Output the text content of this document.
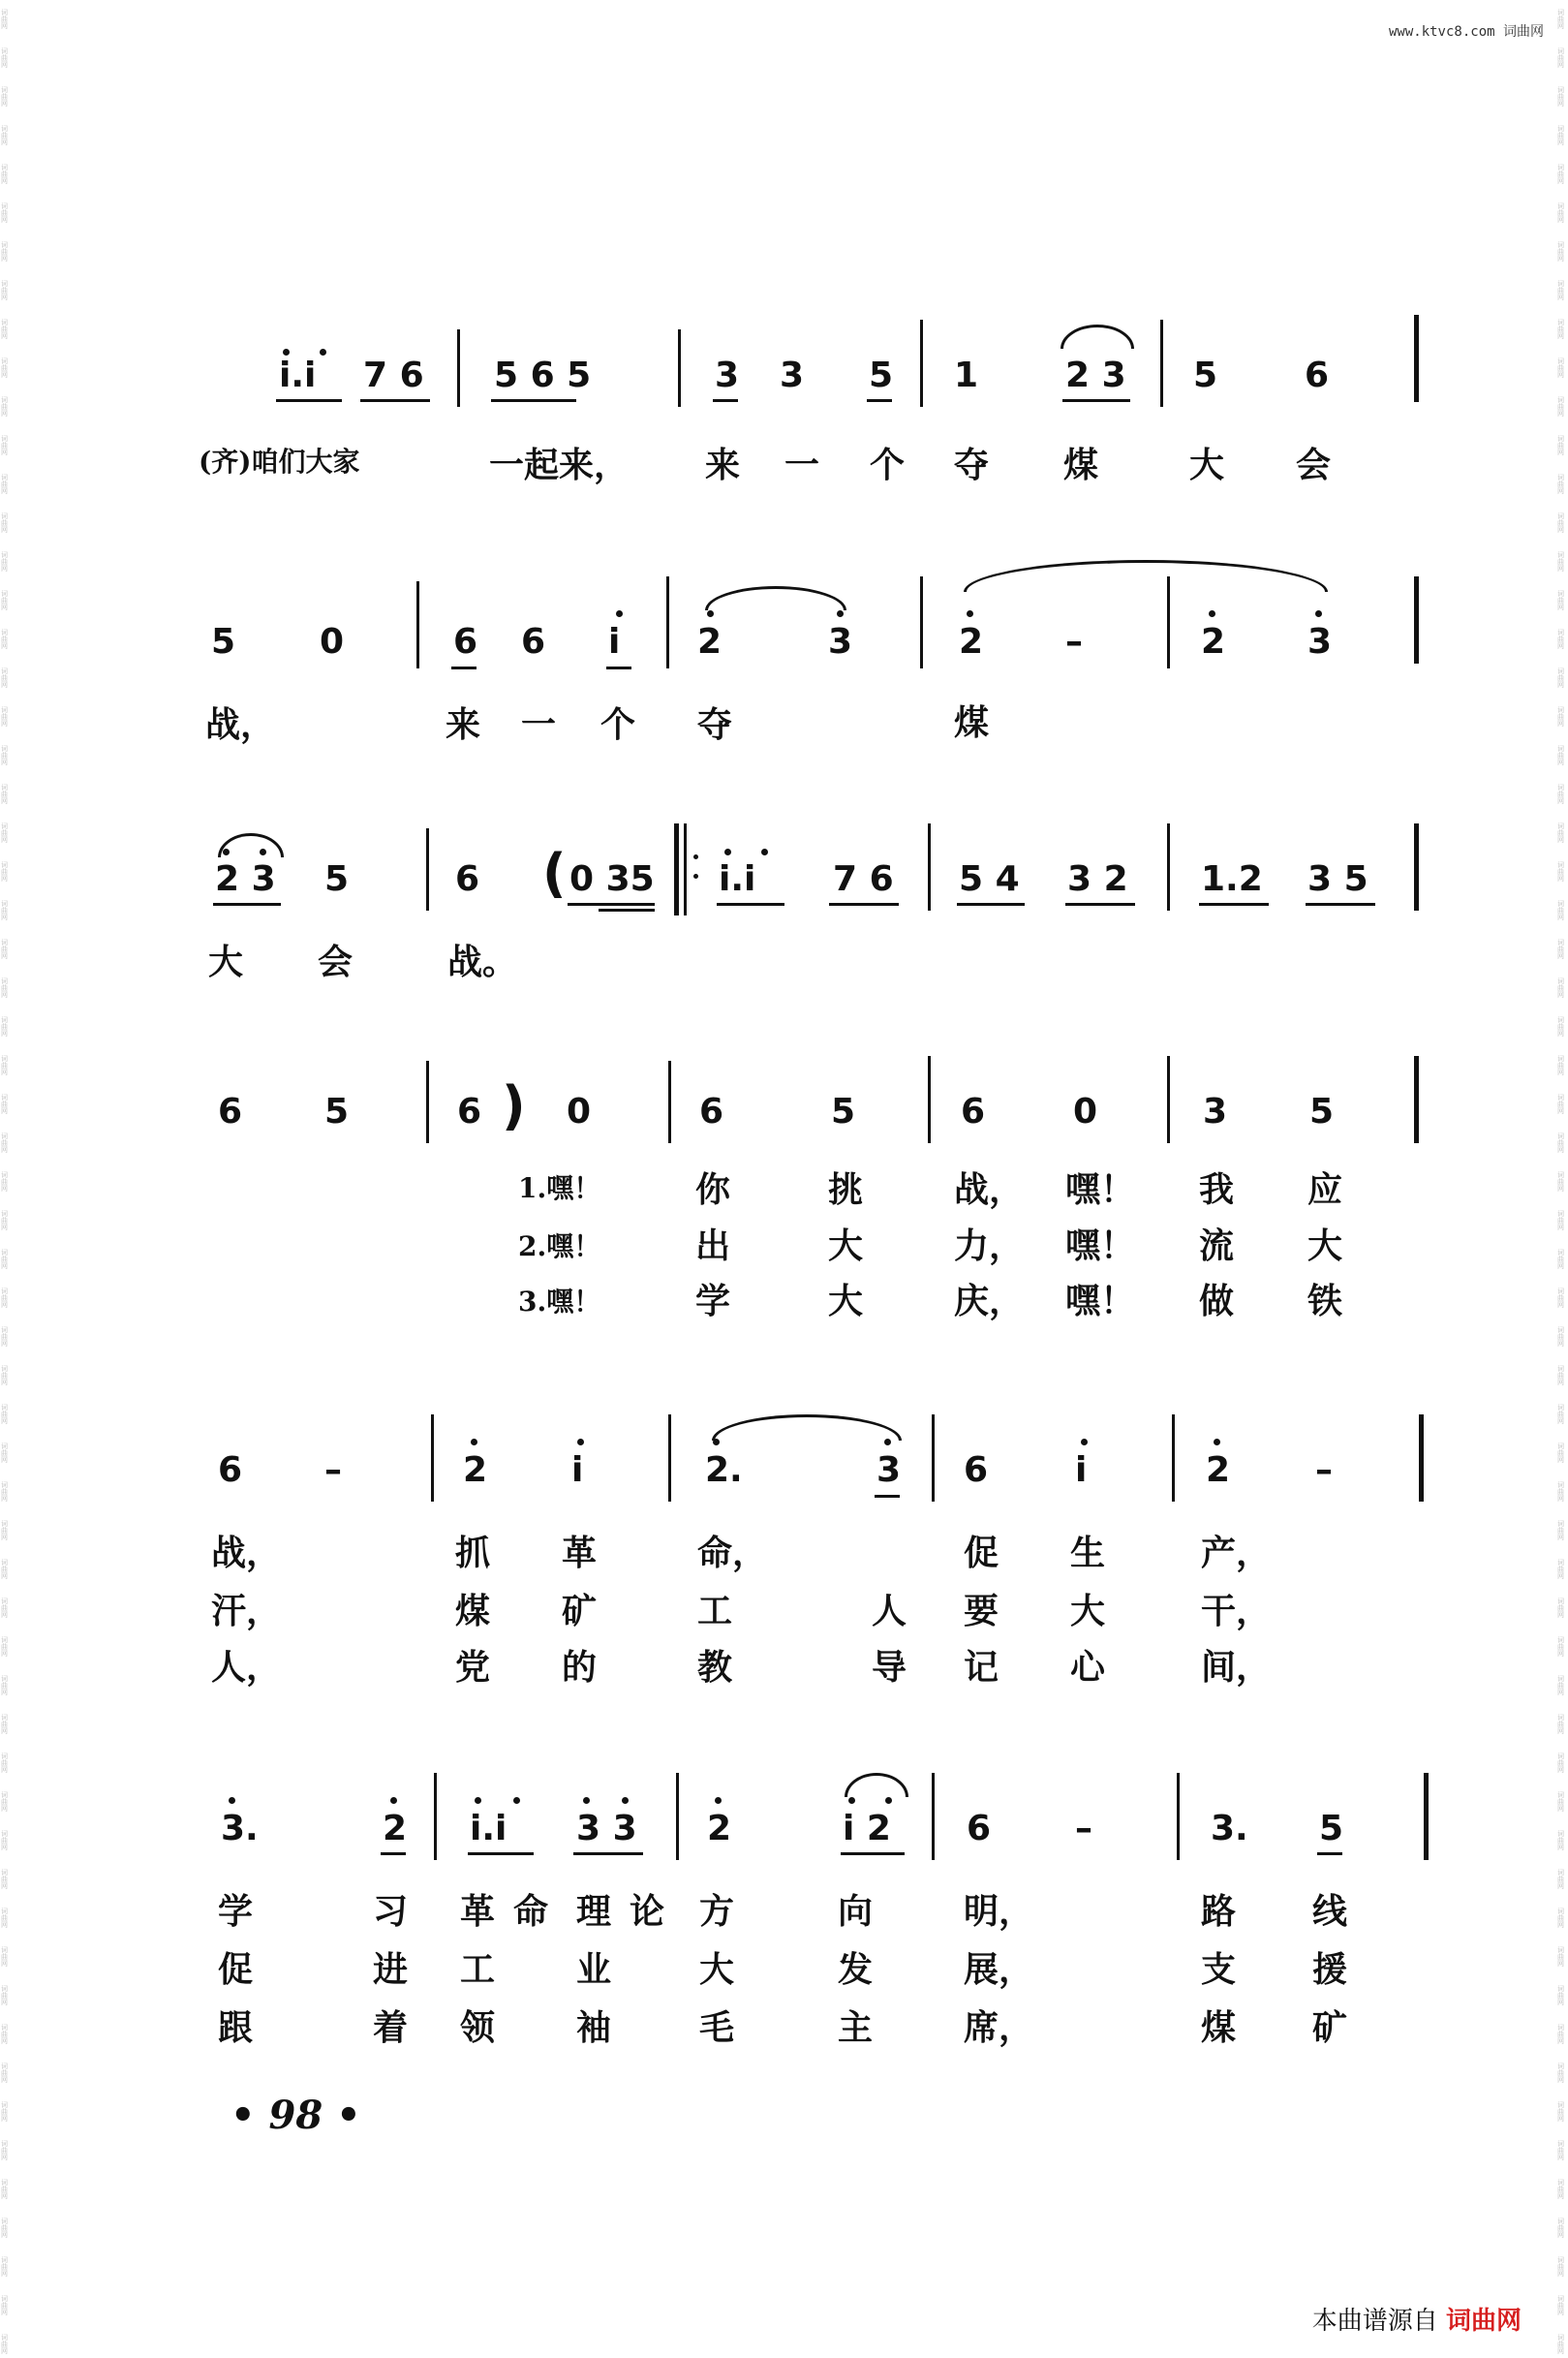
词曲网
词曲网
词曲网
词曲网
词曲网
词曲网
词曲网
词曲网
词曲网
词曲网
词曲网
词曲网
词曲网
词曲网
词曲网
词曲网
词曲网
词曲网
词曲网
词曲网
词曲网
词曲网
词曲网
词曲网
词曲网
词曲网
词曲网
词曲网
词曲网
词曲网
词曲网
词曲网
词曲网
词曲网
词曲网
词曲网
词曲网
词曲网
词曲网
词曲网
词曲网
词曲网
词曲网
词曲网
词曲网
词曲网
词曲网
词曲网
词曲网
词曲网
词曲网
词曲网
词曲网
词曲网
词曲网
词曲网
词曲网
词曲网
词曲网
词曲网
词曲网
词曲网
词曲网
词曲网
词曲网
词曲网
词曲网
词曲网
词曲网
词曲网
词曲网
词曲网
词曲网
词曲网
词曲网
词曲网
词曲网
词曲网
词曲网
词曲网
词曲网
词曲网
词曲网
词曲网
词曲网
词曲网
词曲网
词曲网
词曲网
词曲网
词曲网
词曲网
词曲网
词曲网
词曲网
词曲网
词曲网
词曲网
词曲网
词曲网
词曲网
词曲网
词曲网
词曲网
词曲网
词曲网
词曲网
词曲网
词曲网
词曲网
词曲网
词曲网
词曲网
词曲网
词曲网
词曲网
词曲网
词曲网
词曲网
词曲网
词曲网
词曲网
www.ktvc8.com 词曲网
i.i 7 6 5 6 5	3 3 5 1 2 3 5 6
(齐)咱们大家	一起来， 来 一 个 夺 煤	大 会
5 0	6 6 i 2	3	2 –	2 3
战，	来 一 个 夺	煤
2 3 5	6 ( 0 35 i.i 7 6 5 4 3 2 1.2 3 5
大 会	战。
6 5	6 ) 0	6	5	6	0	3 5
1.嘿！	你	挑	战， 嘿！ 我 应
2.嘿！	出	大	力， 嘿！ 流 大
3.嘿！	学	大	庆， 嘿！ 做 铁
6 –	2 i	2.	3 6 i	2 –
战，	抓 革	命，	促 生	产，
汗，	煤 矿	工	人 要 大	干，
人，	党 的	教	导 记 心	间，
3.	2 i.i 3 3 2	i 2 6 –	3. 5
学	习 革 命 理 论 方	向	明，	路 线
促	进 工 业	大	发	展，	支 援
跟	着 领 袖	毛	主	席，	煤 矿
• 98 •
本曲谱源自 词曲网
